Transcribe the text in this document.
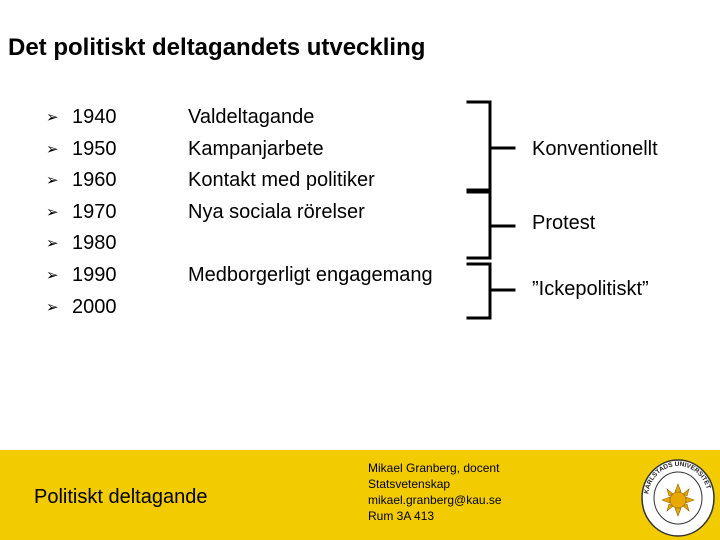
Det politiskt deltagandets utveckling
➢ 1940
➢ 1950
➢ 1960
➢ 1970
➢ 1980
➢ 1990
➢ 2000
Valdeltagande
Kampanjarbete
Kontakt med politiker
Nya sociala rörelser
Medborgerligt engagemang
Konventionellt
Protest
”Ickepolitiskt”
Politiskt deltagande
Mikael Granberg, docent
Statsvetenskap
mikael.granberg@kau.se
Rum 3A 413
KARLSTADS UNIVERSITET
